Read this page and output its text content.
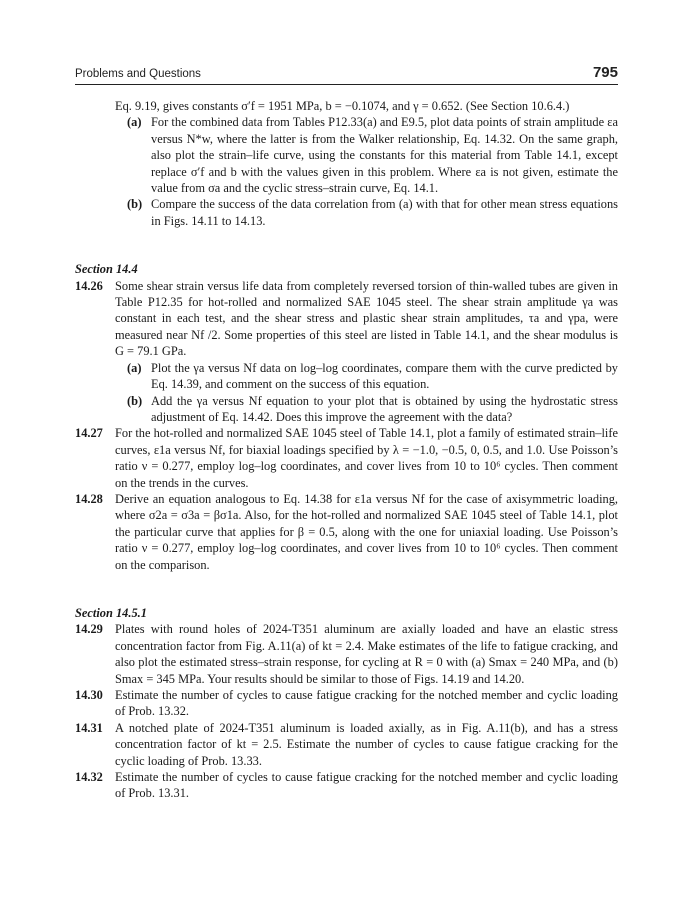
Problems and Questions	795

Eq. 9.19, gives constants σ′f = 1951 MPa, b = −0.1074, and γ = 0.652. (See Section 10.6.4.)

(a) For the combined data from Tables P12.33(a) and E9.5, plot data points of strain amplitude εa versus N*w, where the latter is from the Walker relationship, Eq. 14.32. On the same graph, also plot the strain–life curve, using the constants for this material from Table 14.1, except replace σ′f and b with the values given in this problem. Where εa is not given, estimate the value from σa and the cyclic stress–strain curve, Eq. 14.1.
(b) Compare the success of the data correlation from (a) with that for other mean stress equations in Figs. 14.11 to 14.13.

Section 14.4

14.26 Some shear strain versus life data from completely reversed torsion of thin-walled tubes are given in Table P12.35 for hot-rolled and normalized SAE 1045 steel. The shear strain amplitude γa was constant in each test, and the shear stress and plastic shear strain amplitudes, τa and γpa, were measured near Nf /2. Some properties of this steel are listed in Table 14.1, and the shear modulus is G = 79.1 GPa.
(a) Plot the γa versus Nf data on log–log coordinates, compare them with the curve predicted by Eq. 14.39, and comment on the success of this equation.
(b) Add the γa versus Nf equation to your plot that is obtained by using the hydrostatic stress adjustment of Eq. 14.42. Does this improve the agreement with the data?
14.27 For the hot-rolled and normalized SAE 1045 steel of Table 14.1, plot a family of estimated strain–life curves, ε1a versus Nf, for biaxial loadings specified by λ = −1.0, −0.5, 0, 0.5, and 1.0. Use Poisson’s ratio ν = 0.277, employ log–log coordinates, and cover lives from 10 to 10⁶ cycles. Then comment on the trends in the curves.
14.28 Derive an equation analogous to Eq. 14.38 for ε1a versus Nf for the case of axisymmetric loading, where σ2a = σ3a = βσ1a. Also, for the hot-rolled and normalized SAE 1045 steel of Table 14.1, plot the particular curve that applies for β = 0.5, along with the one for uniaxial loading. Use Poisson’s ratio ν = 0.277, employ log–log coordinates, and cover lives from 10 to 10⁶ cycles. Then comment on the comparison.

Section 14.5.1

14.29 Plates with round holes of 2024-T351 aluminum are axially loaded and have an elastic stress concentration factor from Fig. A.11(a) of kt = 2.4. Make estimates of the life to fatigue cracking, and also plot the estimated stress–strain response, for cycling at R = 0 with (a) Smax = 240 MPa, and (b) Smax = 345 MPa. Your results should be similar to those of Figs. 14.19 and 14.20.
14.30 Estimate the number of cycles to cause fatigue cracking for the notched member and cyclic loading of Prob. 13.32.
14.31 A notched plate of 2024-T351 aluminum is loaded axially, as in Fig. A.11(b), and has a stress concentration factor of kt = 2.5. Estimate the number of cycles to cause fatigue cracking for the cyclic loading of Prob. 13.33.
14.32 Estimate the number of cycles to cause fatigue cracking for the notched member and cyclic loading of Prob. 13.31.
